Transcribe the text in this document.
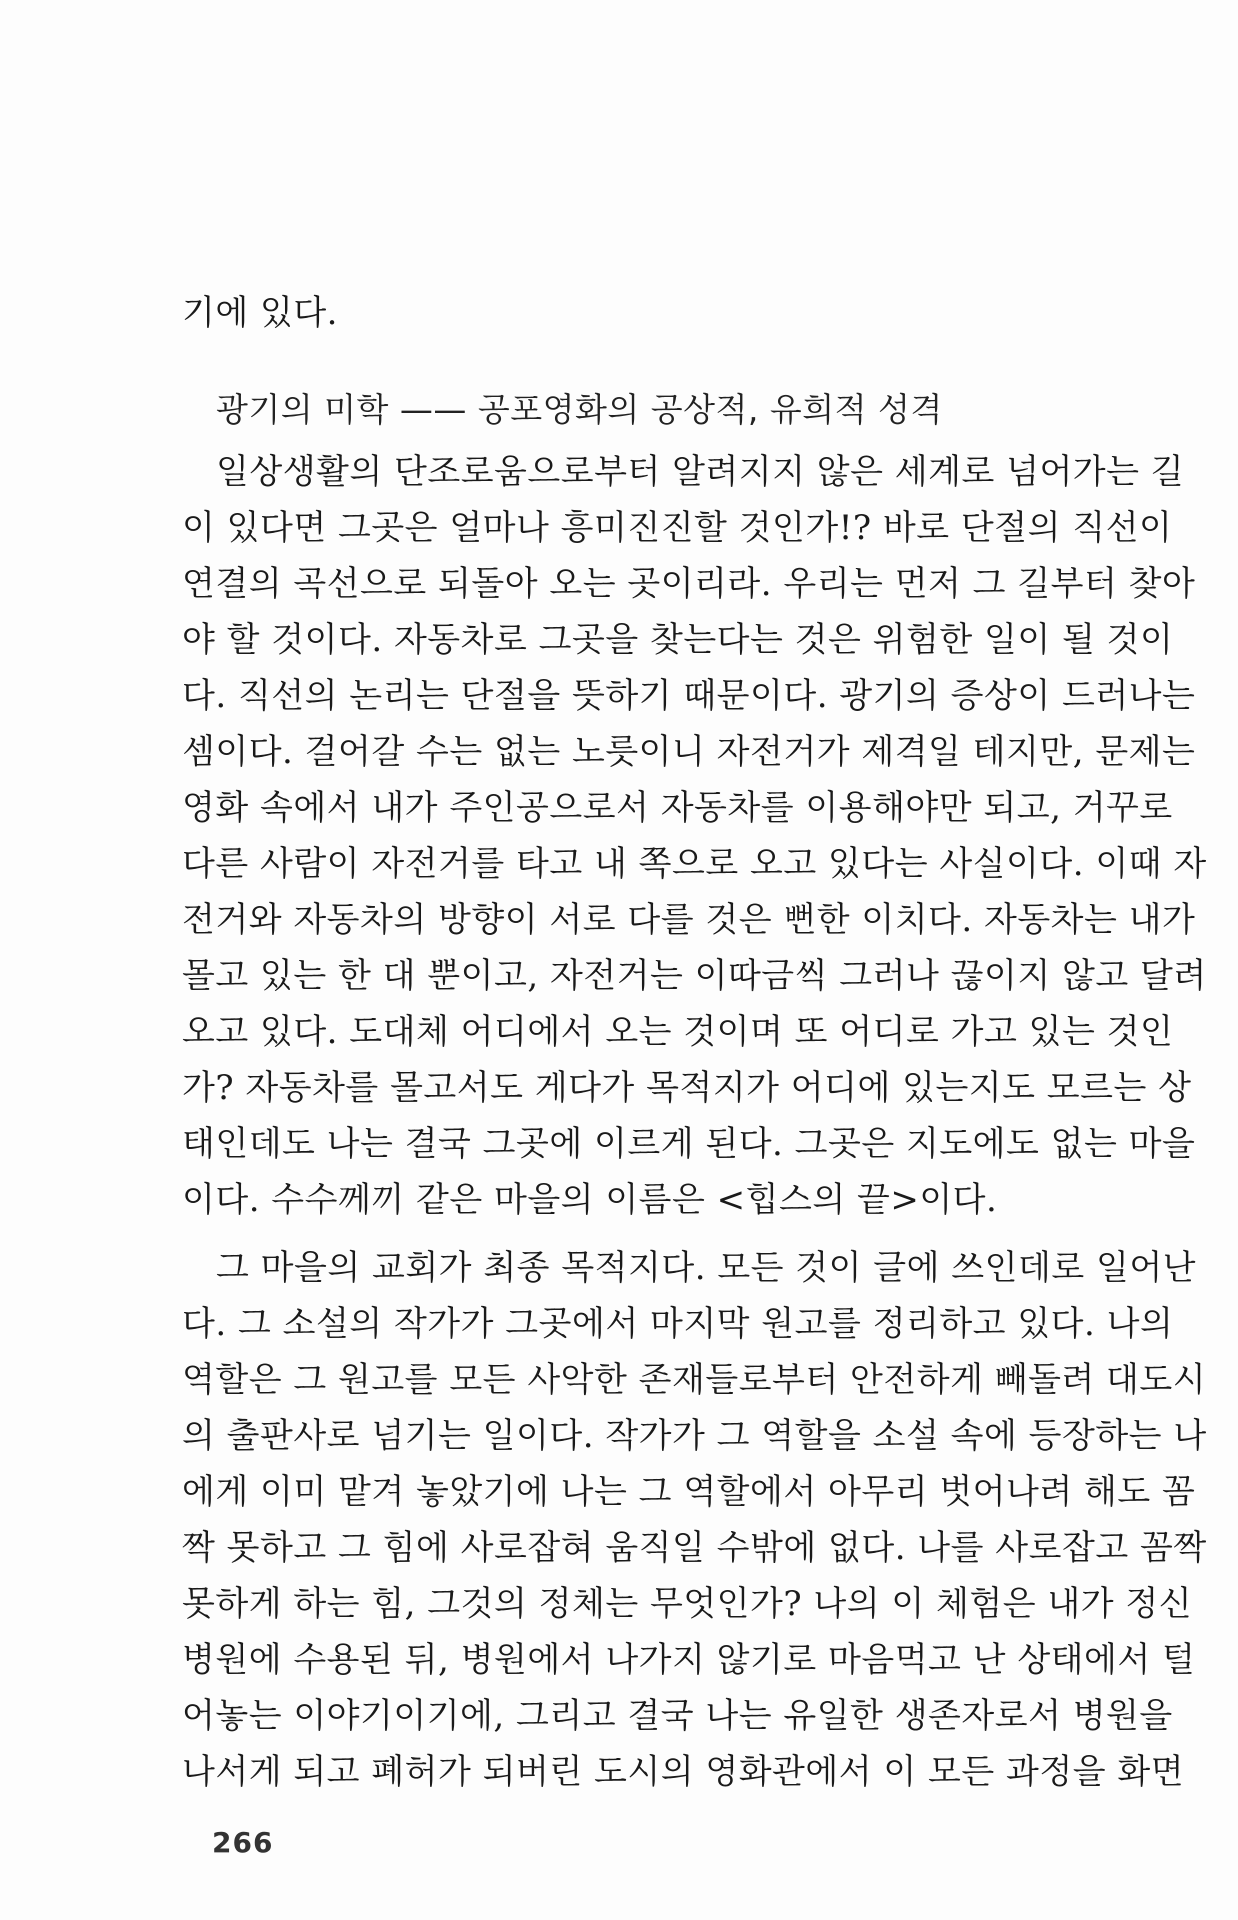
기에 있다.
광기의 미학 —— 공포영화의 공상적, 유희적 성격
일상생활의 단조로움으로부터 알려지지 않은 세계로 넘어가는 길
이 있다면 그곳은 얼마나 흥미진진할 것인가!? 바로 단절의 직선이
연결의 곡선으로 되돌아 오는 곳이리라. 우리는 먼저 그 길부터 찾아
야 할 것이다. 자동차로 그곳을 찾는다는 것은 위험한 일이 될 것이
다. 직선의 논리는 단절을 뜻하기 때문이다. 광기의 증상이 드러나는
셈이다. 걸어갈 수는 없는 노릇이니 자전거가 제격일 테지만, 문제는
영화 속에서 내가 주인공으로서 자동차를 이용해야만 되고, 거꾸로
다른 사람이 자전거를 타고 내 쪽으로 오고 있다는 사실이다. 이때 자
전거와 자동차의 방향이 서로 다를 것은 뻔한 이치다. 자동차는 내가
몰고 있는 한 대 뿐이고, 자전거는 이따금씩 그러나 끊이지 않고 달려
오고 있다. 도대체 어디에서 오는 것이며 또 어디로 가고 있는 것인
가? 자동차를 몰고서도 게다가 목적지가 어디에 있는지도 모르는 상
태인데도 나는 결국 그곳에 이르게 된다. 그곳은 지도에도 없는 마을
이다. 수수께끼 같은 마을의 이름은 <힙스의 끝>이다.
그 마을의 교회가 최종 목적지다. 모든 것이 글에 쓰인데로 일어난
다. 그 소설의 작가가 그곳에서 마지막 원고를 정리하고 있다. 나의
역할은 그 원고를 모든 사악한 존재들로부터 안전하게 빼돌려 대도시
의 출판사로 넘기는 일이다. 작가가 그 역할을 소설 속에 등장하는 나
에게 이미 맡겨 놓았기에 나는 그 역할에서 아무리 벗어나려 해도 꼼
짝 못하고 그 힘에 사로잡혀 움직일 수밖에 없다. 나를 사로잡고 꼼짝
못하게 하는 힘, 그것의 정체는 무엇인가? 나의 이 체험은 내가 정신
병원에 수용된 뒤, 병원에서 나가지 않기로 마음먹고 난 상태에서 털
어놓는 이야기이기에, 그리고 결국 나는 유일한 생존자로서 병원을
나서게 되고 폐허가 되버린 도시의 영화관에서 이 모든 과정을 화면
266
